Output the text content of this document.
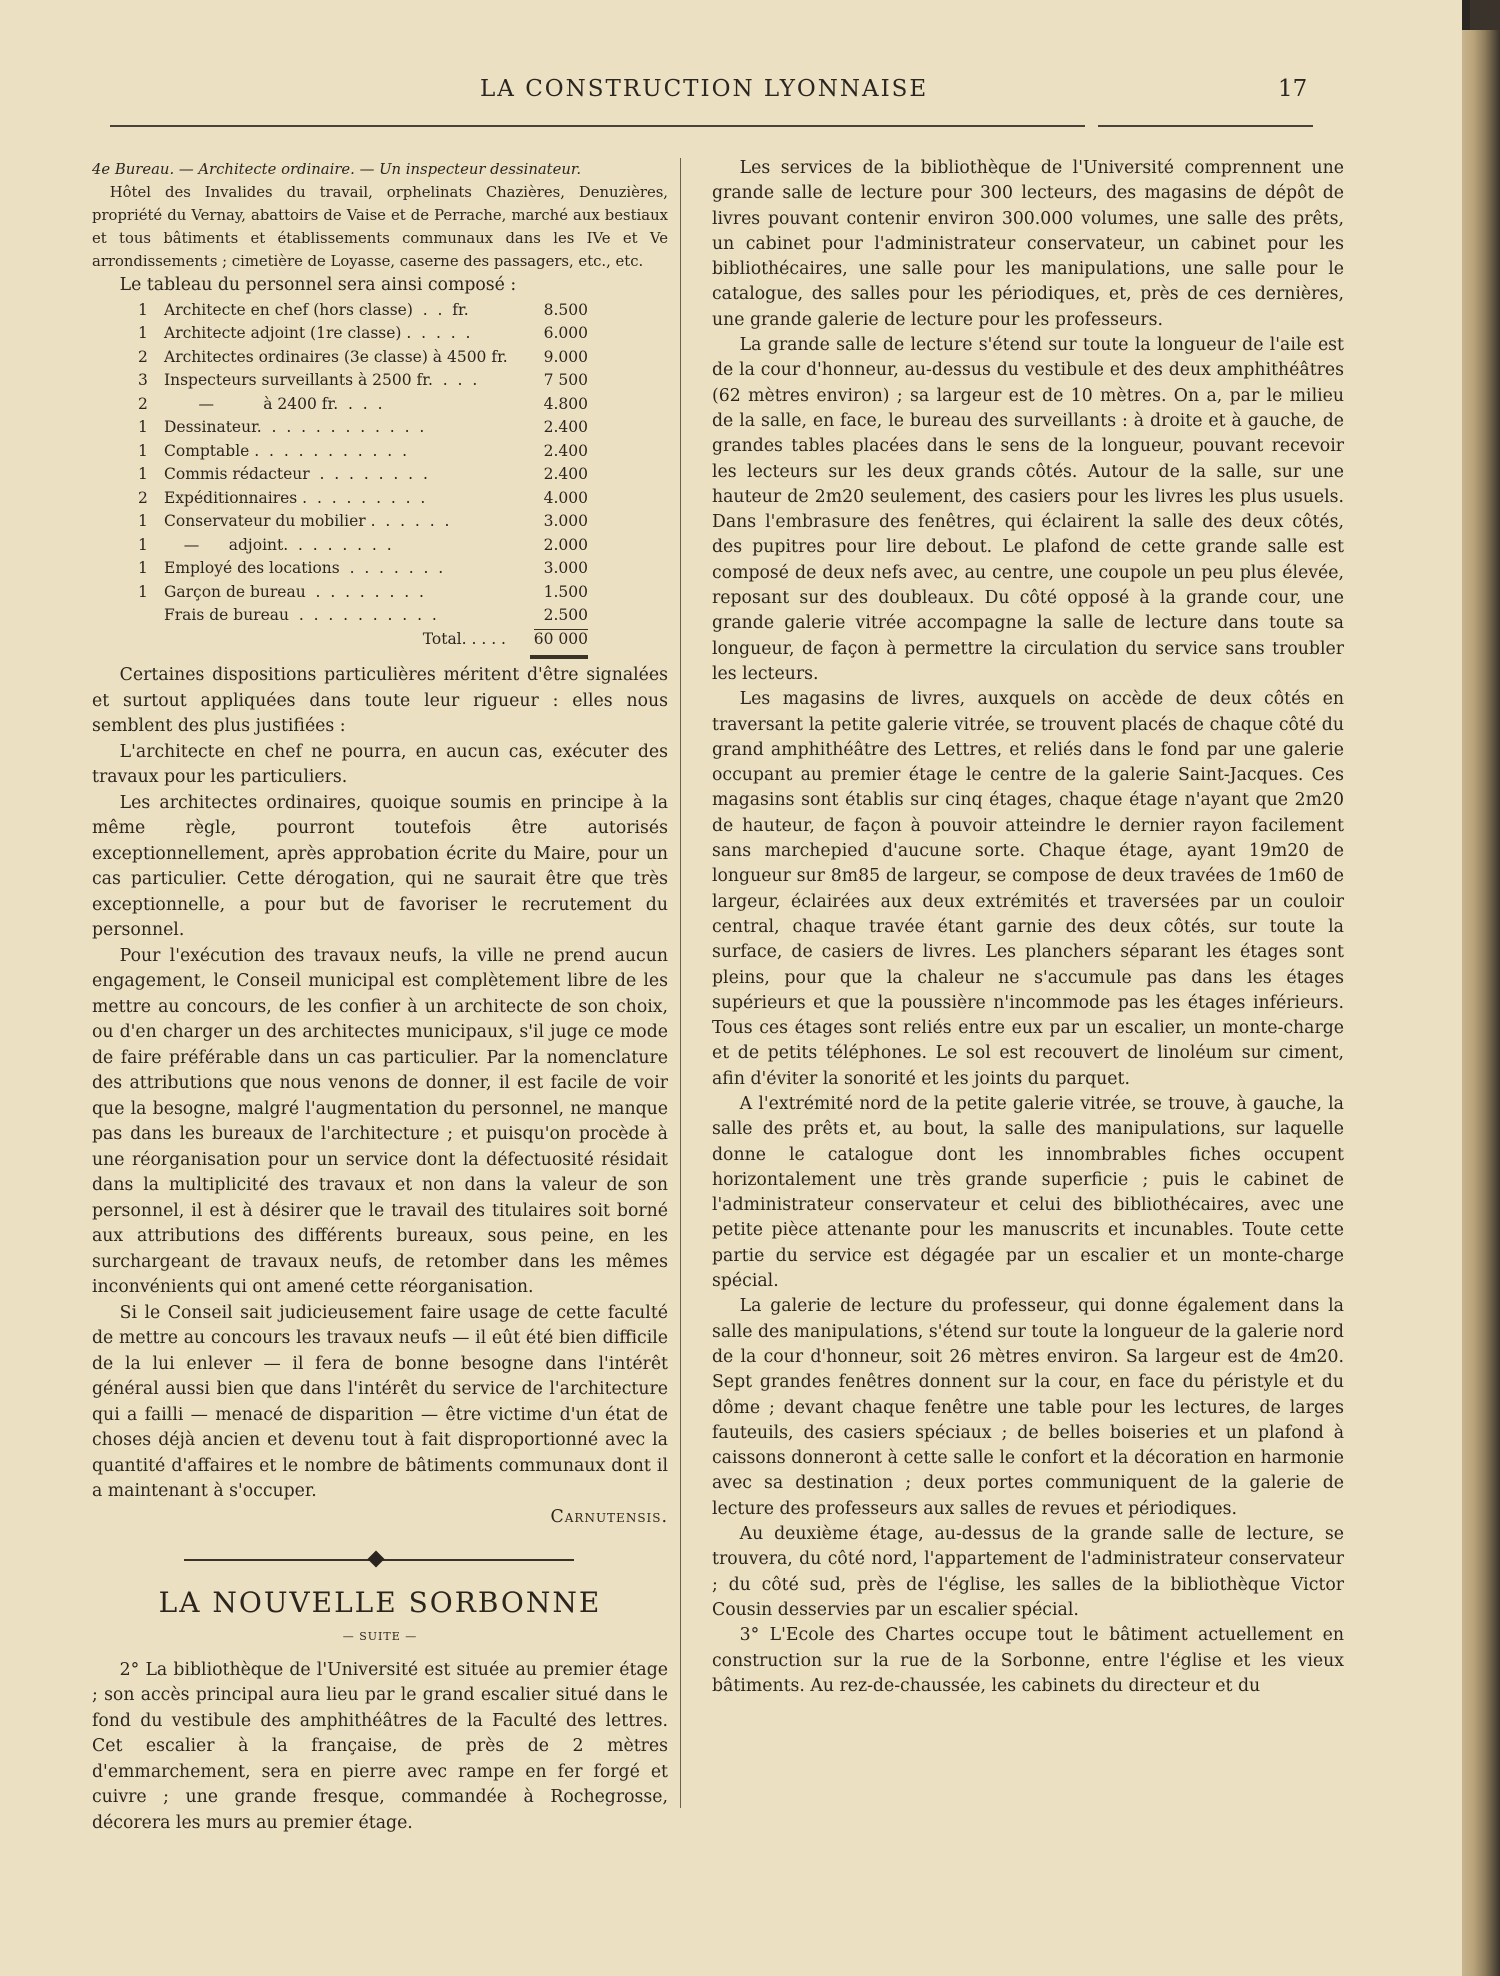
LA CONSTRUCTION LYONNAISE	17

4e Bureau. — Architecte ordinaire. — Un inspecteur dessinateur.

Hôtel des Invalides du travail, orphelinats Chazières, Denuzières, propriété du Vernay, abattoirs de Vaise et de Perrache, marché aux bestiaux et tous bâtiments et établissements communaux dans les IVe et Ve arrondissements ; cimetière de Loyasse, caserne des passagers, etc., etc.

Le tableau du personnel sera ainsi composé :

1	Architecte en chef (hors classe)  .  .  fr.	8.500
1	Architecte adjoint (1re classe) .  .  .  .  .	6.000
2	Architectes ordinaires (3e classe) à 4500 fr.	9.000
3	Inspecteurs surveillants à 2500 fr.  .  .  .	7 500
2	—          à 2400 fr.  .  .  .	4.800
1	Dessinateur.  .  .  .  .  .  .  .  .  .  .  .	2.400
1	Comptable .  .  .  .  .  .  .  .  .  .  .	2.400
1	Commis rédacteur  .  .  .  .  .  .  .  .	2.400
2	Expéditionnaires .  .  .  .  .  .  .  .  .	4.000
1	Conservateur du mobilier .  .  .  .  .  .	3.000
1	—      adjoint.  .  .  .  .  .  .  .	2.000
1	Employé des locations  .  .  .  .  .  .  .	3.000
1	Garçon de bureau  .  .  .  .  .  .  .  .	1.500
	Frais de bureau  .  .  .  .  .  .  .  .  .  .	2.500
	Total. . . . .	60 000

Certaines dispositions particulières méritent d'être signalées et surtout appliquées dans toute leur rigueur : elles nous semblent des plus justifiées :

L'architecte en chef ne pourra, en aucun cas, exécuter des travaux pour les particuliers.

Les architectes ordinaires, quoique soumis en principe à la même règle, pourront toutefois être autorisés exceptionnellement, après approbation écrite du Maire, pour un cas particulier. Cette dérogation, qui ne saurait être que très exceptionnelle, a pour but de favoriser le recrutement du personnel.

Pour l'exécution des travaux neufs, la ville ne prend aucun engagement, le Conseil municipal est complètement libre de les mettre au concours, de les confier à un architecte de son choix, ou d'en charger un des architectes municipaux, s'il juge ce mode de faire préférable dans un cas particulier. Par la nomenclature des attributions que nous venons de donner, il est facile de voir que la besogne, malgré l'augmentation du personnel, ne manque pas dans les bureaux de l'architecture ; et puisqu'on procède à une réorganisation pour un service dont la défectuosité résidait dans la multiplicité des travaux et non dans la valeur de son personnel, il est à désirer que le travail des titulaires soit borné aux attributions des différents bureaux, sous peine, en les surchargeant de travaux neufs, de retomber dans les mêmes inconvénients qui ont amené cette réorganisation.

Si le Conseil sait judicieusement faire usage de cette faculté de mettre au concours les travaux neufs — il eût été bien difficile de la lui enlever — il fera de bonne besogne dans l'intérêt général aussi bien que dans l'intérêt du service de l'architecture qui a failli — menacé de disparition — être victime d'un état de choses déjà ancien et devenu tout à fait disproportionné avec la quantité d'affaires et le nombre de bâtiments communaux dont il a maintenant à s'occuper.

Carnutensis.

LA NOUVELLE SORBONNE
— SUITE —

2° La bibliothèque de l'Université est située au premier étage ; son accès principal aura lieu par le grand escalier situé dans le fond du vestibule des amphithéâtres de la Faculté des lettres. Cet escalier à la française, de près de 2 mètres d'emmarchement, sera en pierre avec rampe en fer forgé et cuivre ; une grande fresque, commandée à Rochegrosse, décorera les murs au premier étage.

Les services de la bibliothèque de l'Université comprennent une grande salle de lecture pour 300 lecteurs, des magasins de dépôt de livres pouvant contenir environ 300.000 volumes, une salle des prêts, un cabinet pour l'administrateur conservateur, un cabinet pour les bibliothécaires, une salle pour les manipulations, une salle pour le catalogue, des salles pour les périodiques, et, près de ces dernières, une grande galerie de lecture pour les professeurs.

La grande salle de lecture s'étend sur toute la longueur de l'aile est de la cour d'honneur, au-dessus du vestibule et des deux amphithéâtres (62 mètres environ) ; sa largeur est de 10 mètres. On a, par le milieu de la salle, en face, le bureau des surveillants : à droite et à gauche, de grandes tables placées dans le sens de la longueur, pouvant recevoir les lecteurs sur les deux grands côtés. Autour de la salle, sur une hauteur de 2m20 seulement, des casiers pour les livres les plus usuels. Dans l'embrasure des fenêtres, qui éclairent la salle des deux côtés, des pupitres pour lire debout. Le plafond de cette grande salle est composé de deux nefs avec, au centre, une coupole un peu plus élevée, reposant sur des doubleaux. Du côté opposé à la grande cour, une grande galerie vitrée accompagne la salle de lecture dans toute sa longueur, de façon à permettre la circulation du service sans troubler les lecteurs.

Les magasins de livres, auxquels on accède de deux côtés en traversant la petite galerie vitrée, se trouvent placés de chaque côté du grand amphithéâtre des Lettres, et reliés dans le fond par une galerie occupant au premier étage le centre de la galerie Saint-Jacques. Ces magasins sont établis sur cinq étages, chaque étage n'ayant que 2m20 de hauteur, de façon à pouvoir atteindre le dernier rayon facilement sans marchepied d'aucune sorte. Chaque étage, ayant 19m20 de longueur sur 8m85 de largeur, se compose de deux travées de 1m60 de largeur, éclairées aux deux extrémités et traversées par un couloir central, chaque travée étant garnie des deux côtés, sur toute la surface, de casiers de livres. Les planchers séparant les étages sont pleins, pour que la chaleur ne s'accumule pas dans les étages supérieurs et que la poussière n'incommode pas les étages inférieurs. Tous ces étages sont reliés entre eux par un escalier, un monte-charge et de petits téléphones. Le sol est recouvert de linoléum sur ciment, afin d'éviter la sonorité et les joints du parquet.

A l'extrémité nord de la petite galerie vitrée, se trouve, à gauche, la salle des prêts et, au bout, la salle des manipulations, sur laquelle donne le catalogue dont les innombrables fiches occupent horizontalement une très grande superficie ; puis le cabinet de l'administrateur conservateur et celui des bibliothécaires, avec une petite pièce attenante pour les manuscrits et incunables. Toute cette partie du service est dégagée par un escalier et un monte-charge spécial.

La galerie de lecture du professeur, qui donne également dans la salle des manipulations, s'étend sur toute la longueur de la galerie nord de la cour d'honneur, soit 26 mètres environ. Sa largeur est de 4m20. Sept grandes fenêtres donnent sur la cour, en face du péristyle et du dôme ; devant chaque fenêtre une table pour les lectures, de larges fauteuils, des casiers spéciaux ; de belles boiseries et un plafond à caissons donneront à cette salle le confort et la décoration en harmonie avec sa destination ; deux portes communiquent de la galerie de lecture des professeurs aux salles de revues et périodiques.

Au deuxième étage, au-dessus de la grande salle de lecture, se trouvera, du côté nord, l'appartement de l'administrateur conservateur ; du côté sud, près de l'église, les salles de la bibliothèque Victor Cousin desservies par un escalier spécial.

3° L'Ecole des Chartes occupe tout le bâtiment actuellement en construction sur la rue de la Sorbonne, entre l'église et les vieux bâtiments. Au rez-de-chaussée, les cabinets du directeur et du
